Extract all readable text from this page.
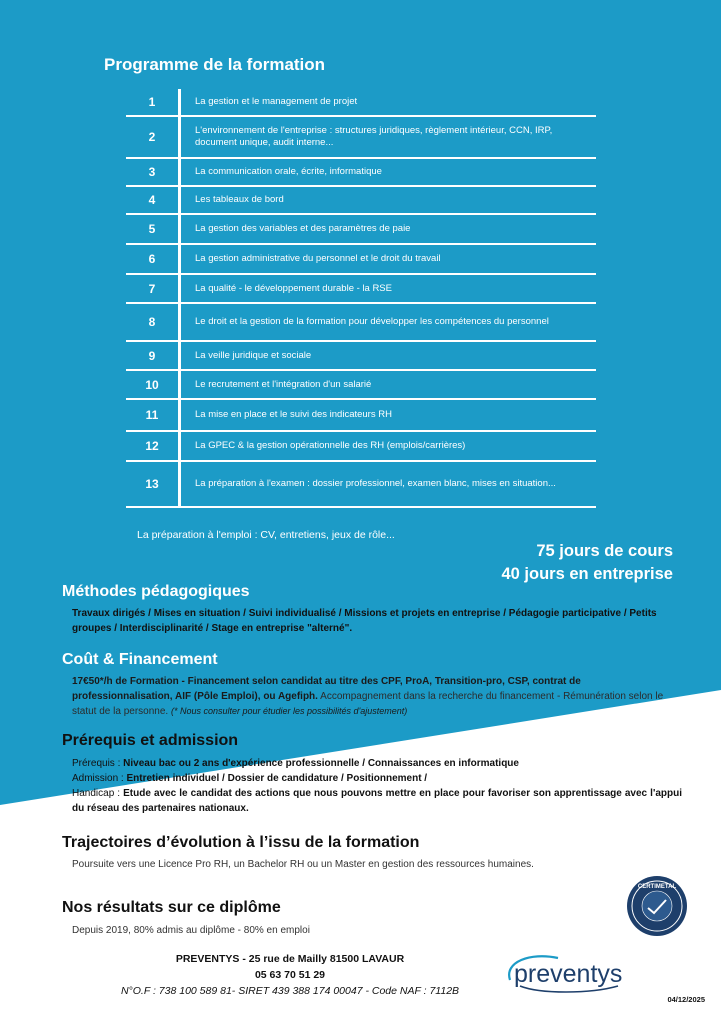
Programme de la formation
1	La gestion et le management de projet
2	L'environnement de l'entreprise : structures juridiques, règlement intérieur, CCN, IRP, document unique, audit interne...
3	La communication orale, écrite, informatique
4	Les tableaux de bord
5	La gestion des variables et des paramètres de paie
6	La gestion administrative du personnel et le droit du travail
7	La qualité - le développement durable - la RSE
8	Le droit et la gestion de la formation pour développer les compétences du personnel
9	La veille juridique et sociale
10	Le recrutement et l'intégration d'un salarié
11	La mise en place et le suivi des indicateurs RH
12	La GPEC & la gestion opérationnelle des RH (emplois/carrières)
13	La préparation à l'examen : dossier professionnel, examen blanc, mises en situation...
La préparation à l'emploi : CV, entretiens, jeux de rôle...
75 jours de cours
40 jours en entreprise
Méthodes pédagogiques
Travaux dirigés / Mises en situation / Suivi individualisé / Missions et projets en entreprise / Pédagogie participative / Petits groupes / Interdisciplinarité / Stage en entreprise "alterné".
Coût & Financement
17€50*/h de Formation - Financement selon candidat au titre des CPF, ProA, Transition-pro, CSP, contrat de professionnalisation, AIF (Pôle Emploi), ou Agefiph. Accompagnement dans la recherche du financement - Rémunération selon le statut de la personne. (* Nous consulter pour étudier les possibilités d'ajustement)
Prérequis et admission
Prérequis : Niveau bac ou 2 ans d'expérience professionnelle / Connaissances en informatique
Admission : Entretien individuel / Dossier de candidature / Positionnement /
Handicap : Etude avec le candidat des actions que nous pouvons mettre en place pour favoriser son apprentissage avec l'appui du réseau des partenaires nationaux.
Trajectoires d’évolution à l’issu de la formation
Poursuite vers une Licence Pro RH, un Bachelor RH ou un Master en gestion des ressources humaines.
Nos résultats sur ce diplôme
Depuis 2019, 80% admis au diplôme - 80% en emploi
PREVENTYS - 25 rue de Mailly 81500 LAVAUR
05 63 70 51 29
N°O.F : 738 100 589 81- SIRET 439 388 174 00047 - Code NAF : 7112B
CERTIMETAL
preventys
04/12/2025
